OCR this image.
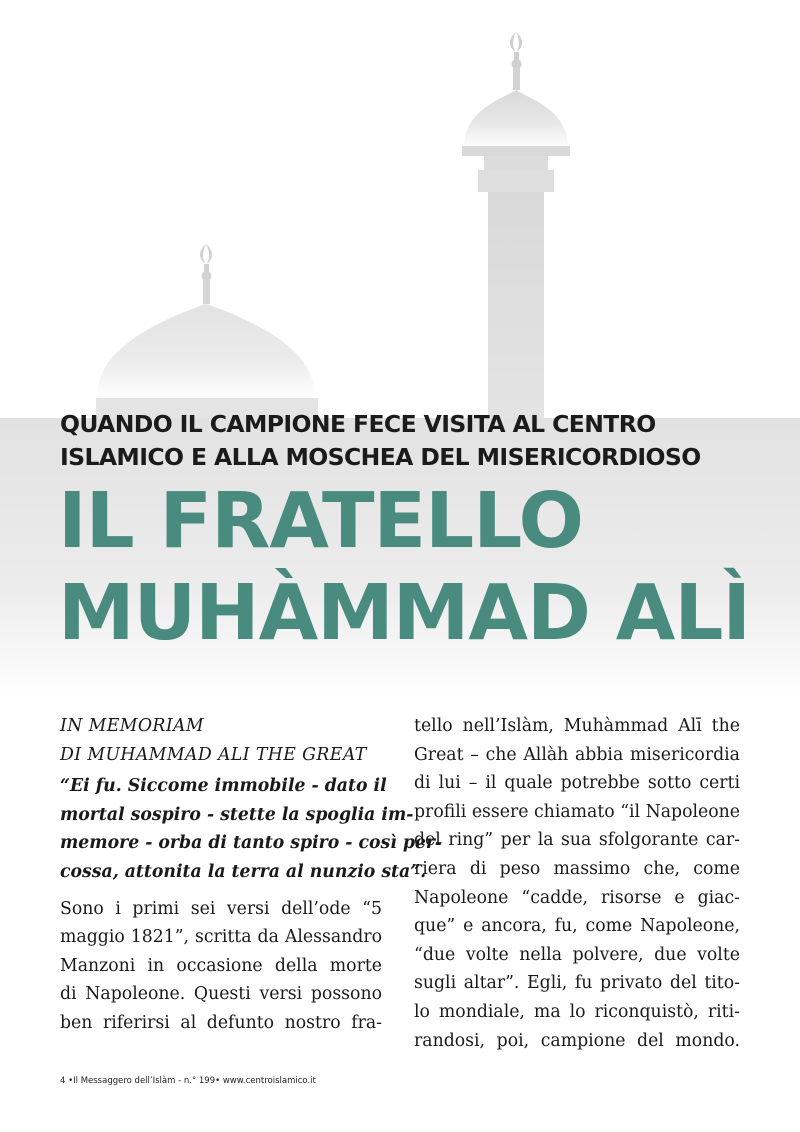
QUANDO IL CAMPIONE FECE VISITA AL CENTRO
ISLAMICO E ALLA MOSCHEA DEL MISERICORDIOSO
IL FRATELLO
MUHÀMMAD ALÌ

IN MEMORIAM
DI MUHAMMAD ALI THE GREAT

“Ei fu. Siccome immobile - dato il
mortal sospiro - stette la spoglia im-
memore - orba di tanto spiro - così per-
cossa, attonita la terra al nunzio sta”.

Sono i primi sei versi dell’ode “5
maggio 1821”, scritta da Alessandro
Manzoni in occasione della morte
di Napoleone. Questi versi possono
ben riferirsi al defunto nostro fra-

tello nell’Islàm, Muhàmmad Alī the
Great – che Allàh abbia misericordia
di lui – il quale potrebbe sotto certi
profili essere chiamato “il Napoleone
del ring” per la sua sfolgorante car-
riera di peso massimo che, come
Napoleone “cadde, risorse e giac-
que” e ancora, fu, come Napoleone,
“due volte nella polvere, due volte
sugli altar”. Egli, fu privato del tito-
lo mondiale, ma lo riconquistò, riti-
randosi, poi, campione del mondo.

4 •Il Messaggero dell’Islàm - n.° 199• www.centroislamico.it
